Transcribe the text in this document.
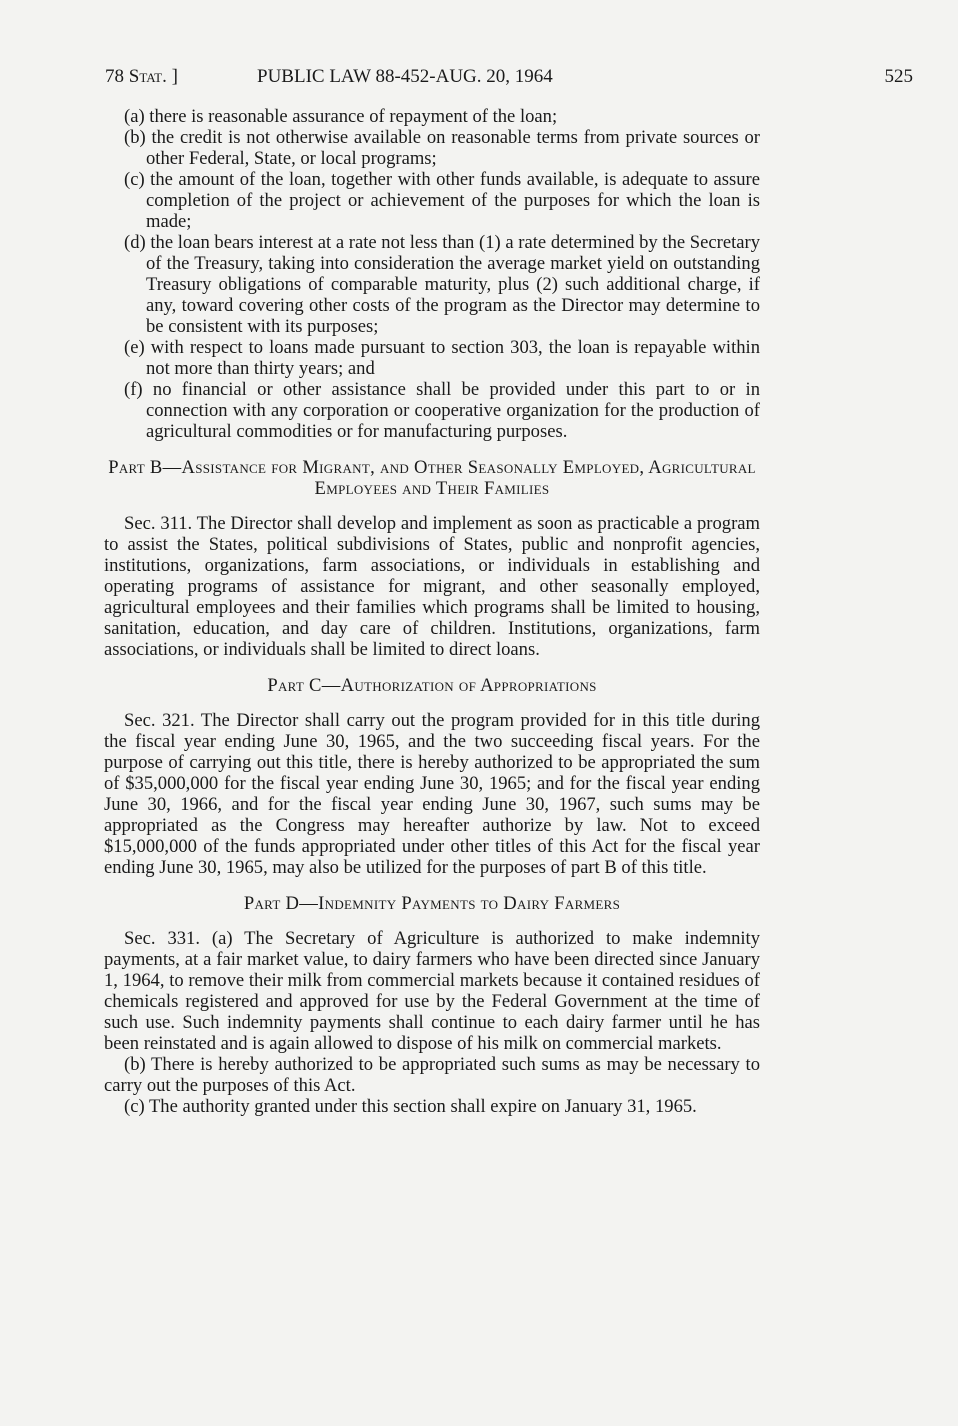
78 Stat. ]	PUBLIC LAW 88-452-AUG. 20, 1964	525

(a) there is reasonable assurance of repayment of the loan;

(b) the credit is not otherwise available on reasonable terms from private sources or other Federal, State, or local programs;

(c) the amount of the loan, together with other funds available, is adequate to assure completion of the project or achievement of the purposes for which the loan is made;

(d) the loan bears interest at a rate not less than (1) a rate determined by the Secretary of the Treasury, taking into consideration the average market yield on outstanding Treasury obligations of comparable maturity, plus (2) such additional charge, if any, toward covering other costs of the program as the Director may determine to be consistent with its purposes;

(e) with respect to loans made pursuant to section 303, the loan is repayable within not more than thirty years; and

(f) no financial or other assistance shall be provided under this part to or in connection with any corporation or cooperative organization for the production of agricultural commodities or for manufacturing purposes.

Part B—Assistance for Migrant, and Other Seasonally Employed, Agricultural Employees and Their Families

Sec. 311. The Director shall develop and implement as soon as practicable a program to assist the States, political subdivisions of States, public and nonprofit agencies, institutions, organizations, farm associations, or individuals in establishing and operating programs of assistance for migrant, and other seasonally employed, agricultural employees and their families which programs shall be limited to housing, sanitation, education, and day care of children. Institutions, organizations, farm associations, or individuals shall be limited to direct loans.

Part C—Authorization of Appropriations

Sec. 321. The Director shall carry out the program provided for in this title during the fiscal year ending June 30, 1965, and the two succeeding fiscal years. For the purpose of carrying out this title, there is hereby authorized to be appropriated the sum of $35,000,000 for the fiscal year ending June 30, 1965; and for the fiscal year ending June 30, 1966, and for the fiscal year ending June 30, 1967, such sums may be appropriated as the Congress may hereafter authorize by law. Not to exceed $15,000,000 of the funds appropriated under other titles of this Act for the fiscal year ending June 30, 1965, may also be utilized for the purposes of part B of this title.

Part D—Indemnity Payments to Dairy Farmers

Sec. 331. (a) The Secretary of Agriculture is authorized to make indemnity payments, at a fair market value, to dairy farmers who have been directed since January 1, 1964, to remove their milk from commercial markets because it contained residues of chemicals registered and approved for use by the Federal Government at the time of such use. Such indemnity payments shall continue to each dairy farmer until he has been reinstated and is again allowed to dispose of his milk on commercial markets.

(b) There is hereby authorized to be appropriated such sums as may be necessary to carry out the purposes of this Act.

(c) The authority granted under this section shall expire on January 31, 1965.
